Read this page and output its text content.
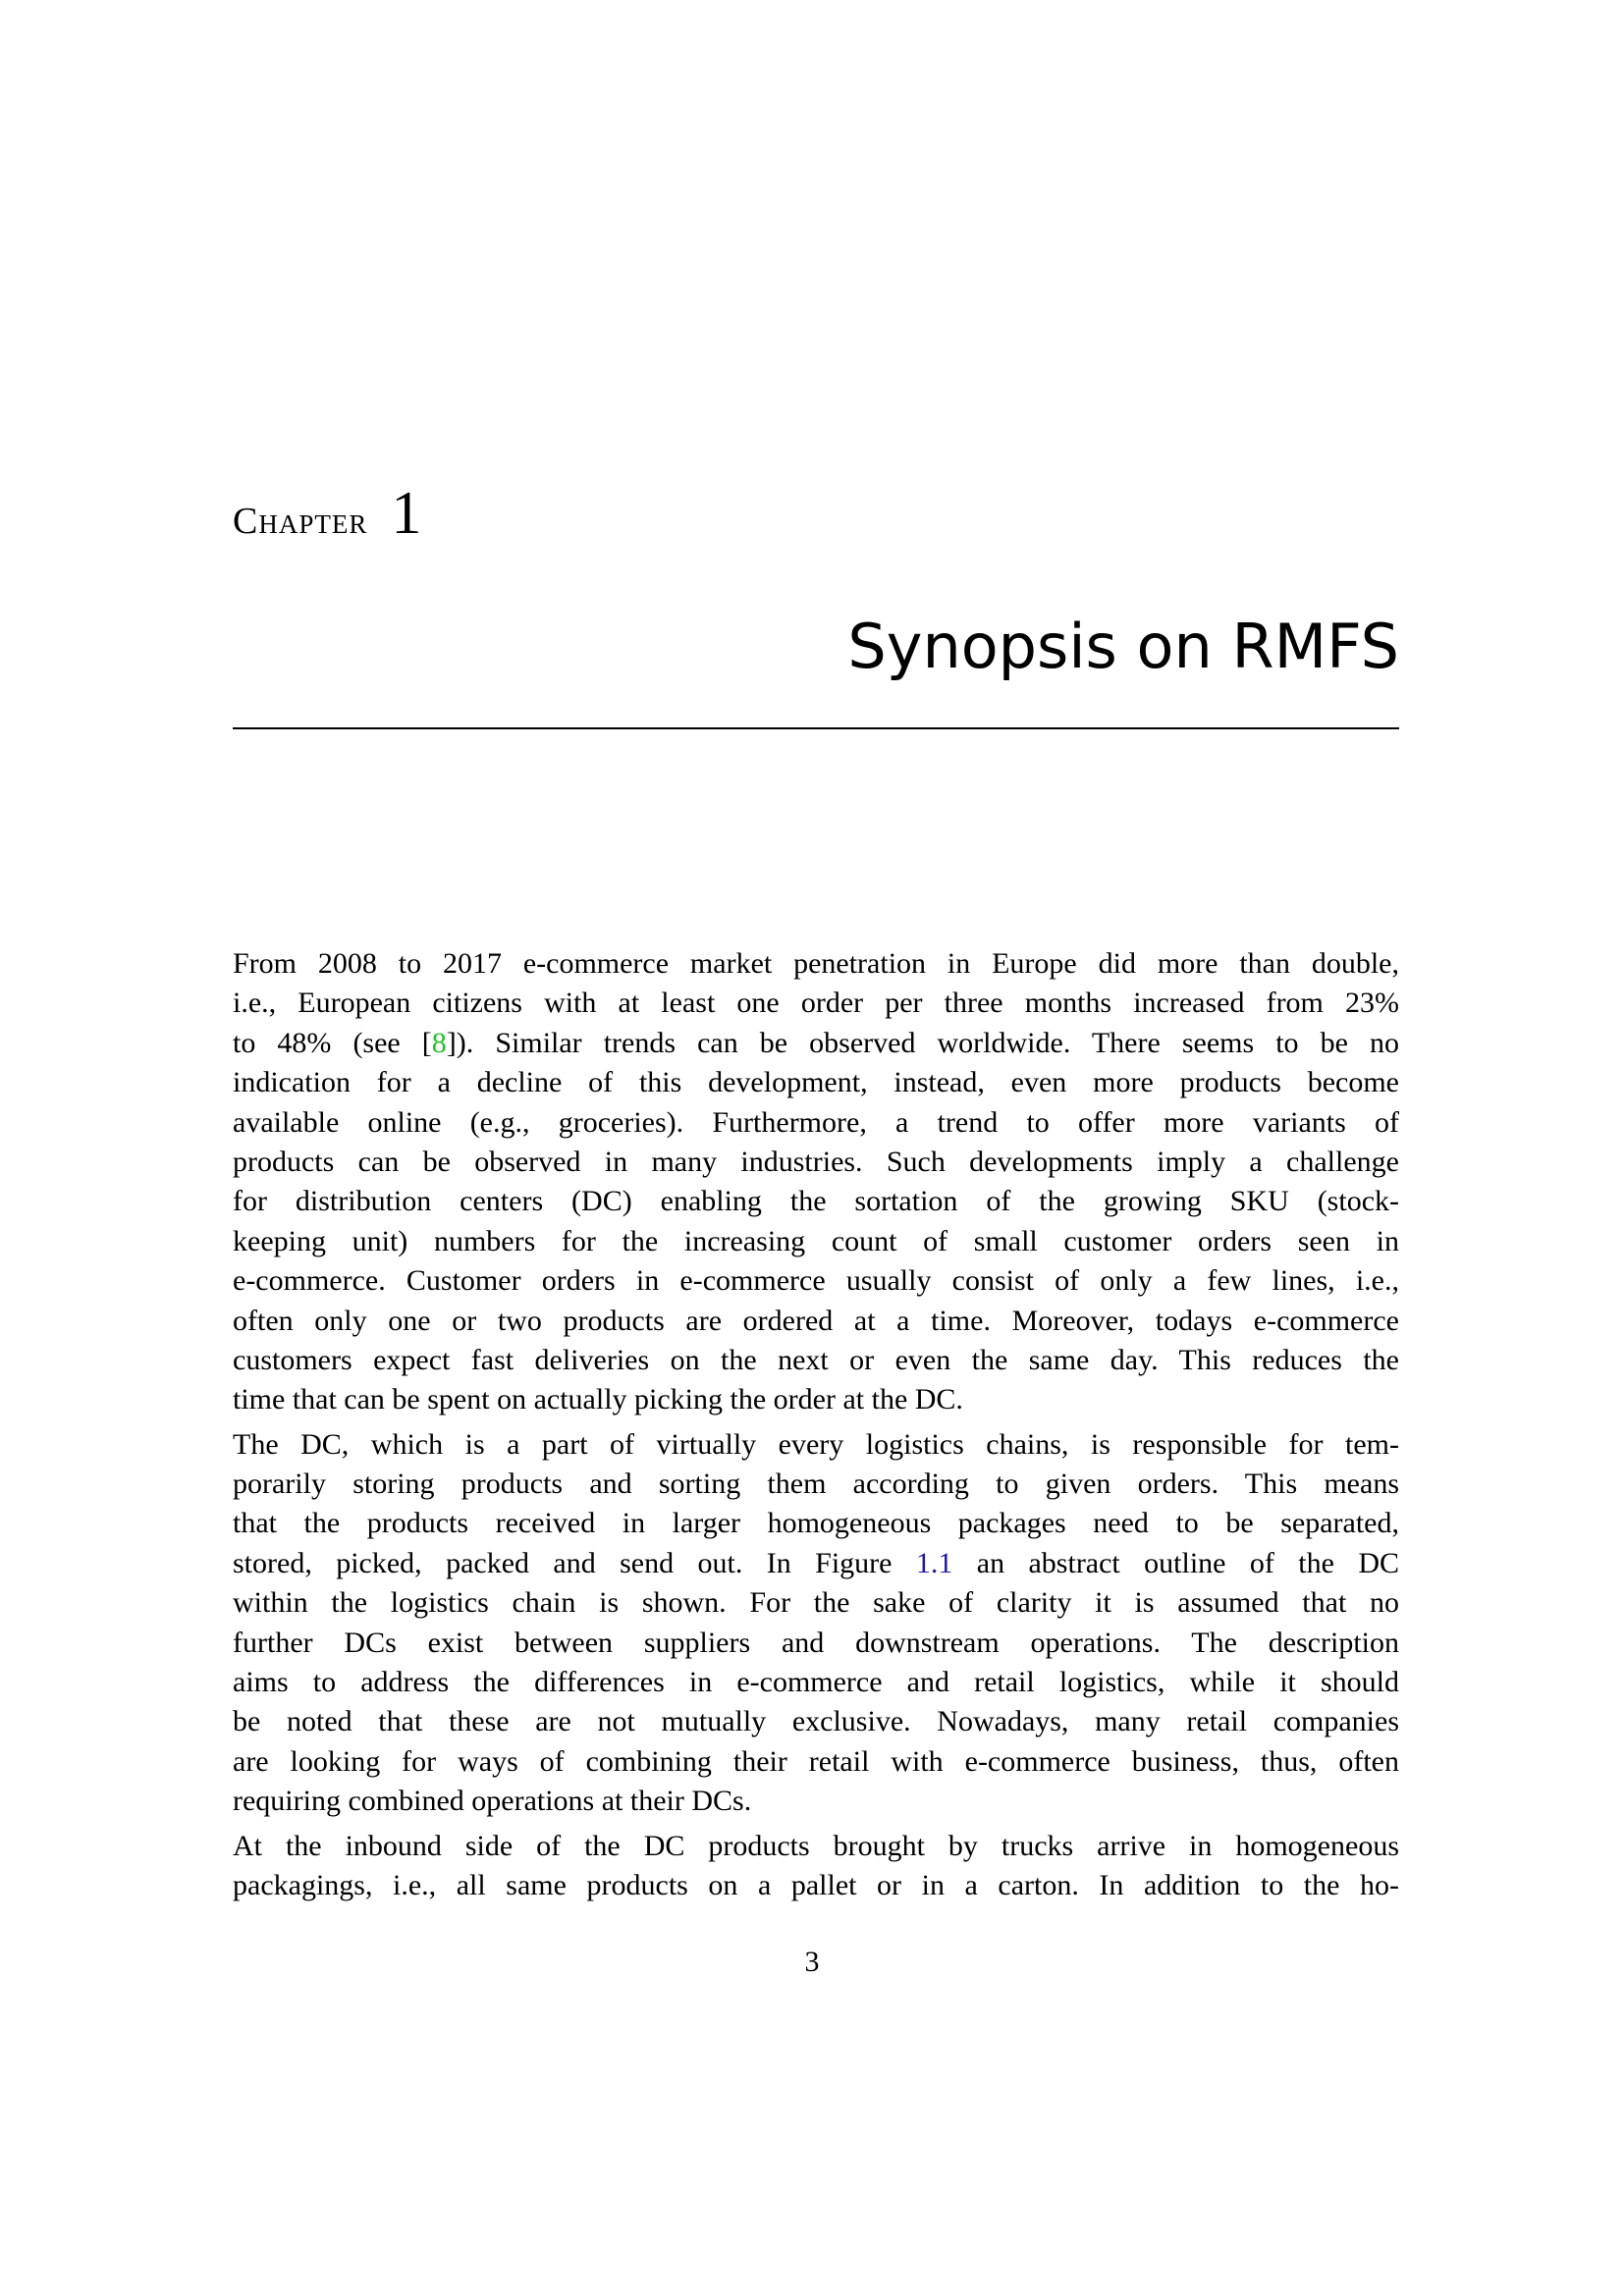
Chapter 1
Synopsis on RMFS
From 2008 to 2017 e-commerce market penetration in Europe did more than double,
i.e., European citizens with at least one order per three months increased from 23%
to 48% (see [8]). Similar trends can be observed worldwide. There seems to be no
indication for a decline of this development, instead, even more products become
available online (e.g., groceries). Furthermore, a trend to offer more variants of
products can be observed in many industries. Such developments imply a challenge
for distribution centers (DC) enabling the sortation of the growing SKU (stock-
keeping unit) numbers for the increasing count of small customer orders seen in
e-commerce. Customer orders in e-commerce usually consist of only a few lines, i.e.,
often only one or two products are ordered at a time. Moreover, todays e-commerce
customers expect fast deliveries on the next or even the same day. This reduces the
time that can be spent on actually picking the order at the DC.
The DC, which is a part of virtually every logistics chains, is responsible for tem-
porarily storing products and sorting them according to given orders. This means
that the products received in larger homogeneous packages need to be separated,
stored, picked, packed and send out. In Figure 1.1 an abstract outline of the DC
within the logistics chain is shown. For the sake of clarity it is assumed that no
further DCs exist between suppliers and downstream operations. The description
aims to address the differences in e-commerce and retail logistics, while it should
be noted that these are not mutually exclusive. Nowadays, many retail companies
are looking for ways of combining their retail with e-commerce business, thus, often
requiring combined operations at their DCs.
At the inbound side of the DC products brought by trucks arrive in homogeneous
packagings, i.e., all same products on a pallet or in a carton. In addition to the ho-
3
